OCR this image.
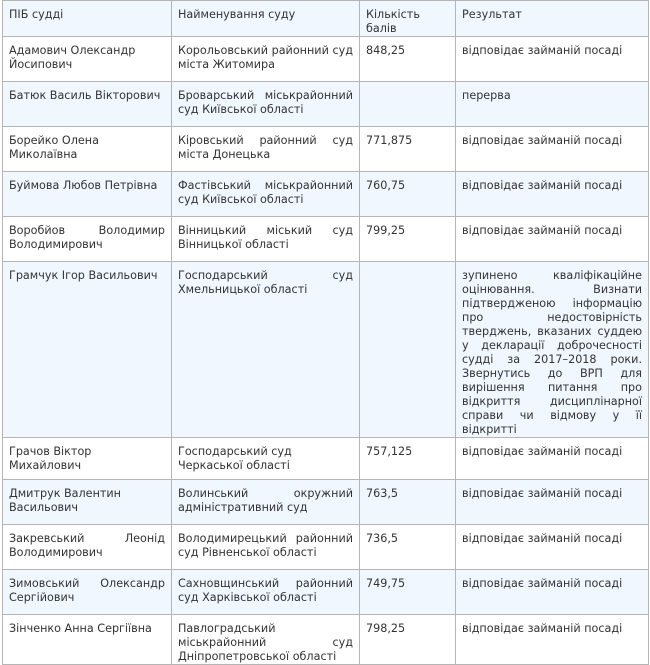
ПІБ судді	Найменування суду	Кількість балів	Результат
Адамович Олександр Йосипович	Корольовський районний суд міста Житомира	848,25	відповідає займаній посаді
Батюк Василь Вікторович	Броварський міськрайонний суд Київської області		перерва
Борейко Олена Миколаївна	Кіровський районний суд міста Донецька	771,875	відповідає займаній посаді
Буймова Любов Петрівна	Фастівський міськрайонний суд Київської області	760,75	відповідає займаній посаді
Воробйов Володимир Володимирович	Вінницький міський суд Вінницької області	799,25	відповідає займаній посаді
Грамчук Ігор Васильович	Господарський суд Хмельницької області		зупинено кваліфікаційне оцінювання. Визнати підтвердженою інформацію про недостовірність тверджень, вказаних суддею у декларації доброчесності судді за 2017–2018 роки. Звернутись до ВРП для вирішення питання про відкриття дисциплінарної справи чи відмову у її відкритті
Грачов Віктор Михайлович	Господарський суд Черкаської області	757,125	відповідає займаній посаді
Дмитрук Валентин Васильович	Волинський окружний адміністративний суд	763,5	відповідає займаній посаді
Закревський Леонід Володимирович	Володимирецький районний суд Рівненської області	736,5	відповідає займаній посаді
Зимовський Олександр Сергійович	Сахновщинський районний суд Харківської області	749,75	відповідає займаній посаді
Зінченко Анна Сергіївна	Павлоградський міськрайонний суд Дніпропетровської області	798,25	відповідає займаній посаді
